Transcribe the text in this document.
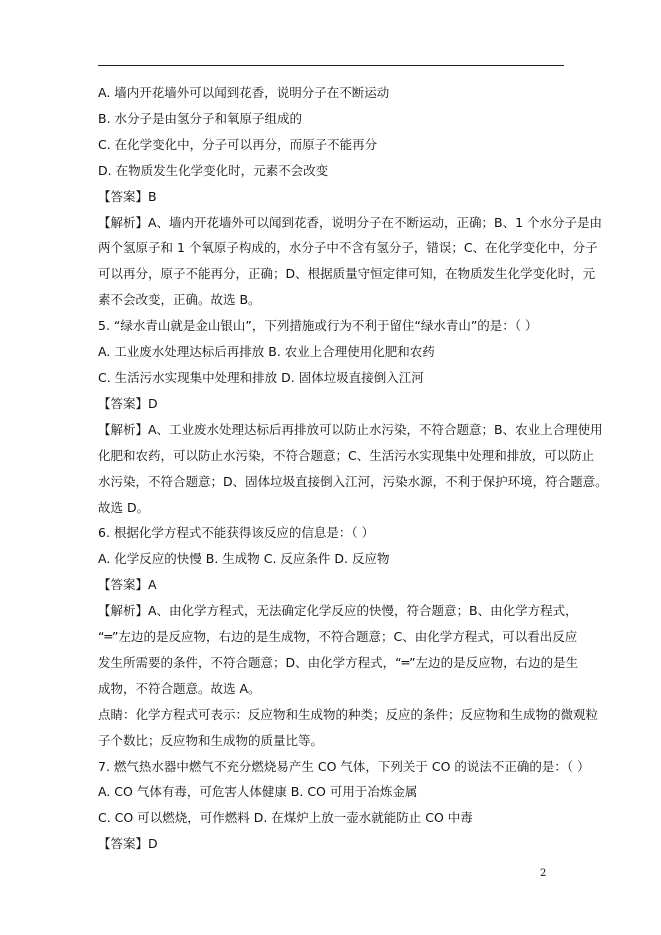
A. 墙内开花墙外可以闻到花香，说明分子在不断运动
B. 水分子是由氢分子和氧原子组成的
C. 在化学变化中，分子可以再分，而原子不能再分
D. 在物质发生化学变化时，元素不会改变
【答案】B
【解析】A、墙内开花墙外可以闻到花香，说明分子在不断运动，正确；B、1 个水分子是由
两个氢原子和 1 个氧原子构成的，水分子中不含有氢分子，错误；C、在化学变化中，分子
可以再分，原子不能再分，正确；D、根据质量守恒定律可知，在物质发生化学变化时，元
素不会改变，正确。故选 B。
5. “绿水青山就是金山银山”，下列措施或行为不利于留住“绿水青山”的是：（ ）
A. 工业废水处理达标后再排放 B. 农业上合理使用化肥和农药
C. 生活污水实现集中处理和排放 D. 固体垃圾直接倒入江河
【答案】D
【解析】A、工业废水处理达标后再排放可以防止水污染，不符合题意；B、农业上合理使用
化肥和农药，可以防止水污染，不符合题意；C、生活污水实现集中处理和排放，可以防止
水污染，不符合题意；D、固体垃圾直接倒入江河，污染水源，不利于保护环境，符合题意。
故选 D。
6. 根据化学方程式不能获得该反应的信息是：（ ）
A. 化学反应的快慢 B. 生成物 C. 反应条件 D. 反应物
【答案】A
【解析】A、由化学方程式，无法确定化学反应的快慢，符合题意；B、由化学方程式，
“═”左边的是反应物，右边的是生成物，不符合题意；C、由化学方程式，可以看出反应
发生所需要的条件，不符合题意；D、由化学方程式，“═”左边的是反应物，右边的是生
成物，不符合题意。故选 A。
点睛：化学方程式可表示：反应物和生成物的种类；反应的条件；反应物和生成物的微观粒
子个数比；反应物和生成物的质量比等。
7. 燃气热水器中燃气不充分燃烧易产生 CO 气体，下列关于 CO 的说法不正确的是：（ ）
A. CO 气体有毒，可危害人体健康 B. CO 可用于冶炼金属
C. CO 可以燃烧，可作燃料 D. 在煤炉上放一壶水就能防止 CO 中毒
【答案】D
2
